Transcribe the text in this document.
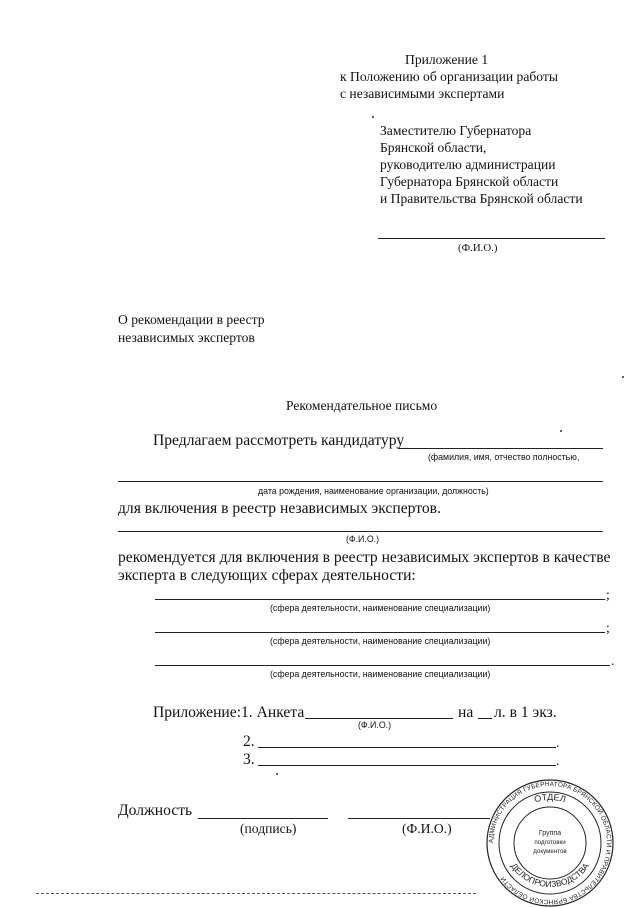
Приложение 1
к Положению об организации работы
с независимыми экспертами
Заместителю Губернатора
Брянской области,
руководителю администрации
Губернатора Брянской области
и Правительства Брянской области
(Ф.И.О.)
О рекомендации в реестр
независимых экспертов
Рекомендательное письмо
Предлагаем рассмотреть кандидатуру
(фамилия, имя, отчество полностью,
дата рождения, наименование организации, должность)
для включения в реестр независимых экспертов.
(Ф.И.О.)
рекомендуется для включения в реестр независимых экспертов в качестве
эксперта в следующих сферах деятельности:
;
(сфера деятельности, наименование специализации)
;
(сфера деятельности, наименование специализации)
.
(сфера деятельности, наименование специализации)
Приложение: 1. Анкета	на л. в 1 экз.
(Ф.И.О.)
2.	.
3.	.
Должность
(подпись)	(Ф.И.О.)
АДМИНИСТРАЦИЯ ГУБЕРНАТОРА БРЯНСКОЙ ОБЛАСТИ И ПРАВИТЕЛЬСТВА БРЯНСКОЙ ОБЛАСТИ
ОТДЕЛ
ДЕЛОПРОИЗВОДСТВА
Группа
подготовки
документов
